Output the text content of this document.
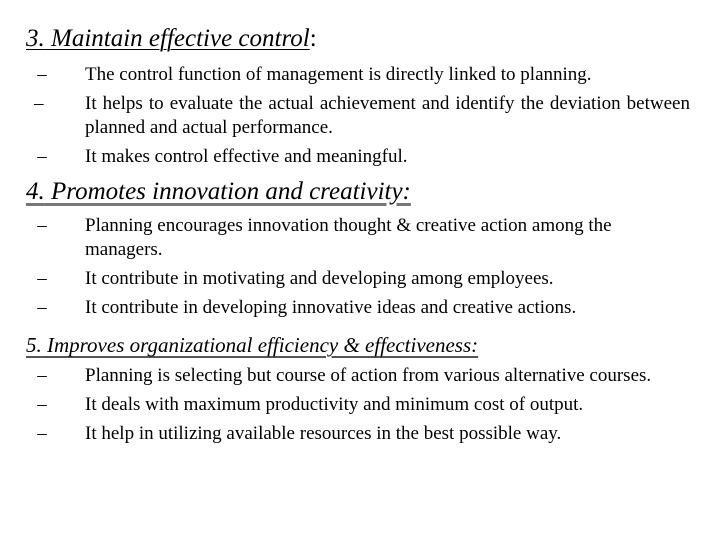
3. Maintain effective control:
– The control function of management is directly linked to planning.
–	It helps to evaluate the actual achievement and identify the deviation between planned and actual performance.
– It makes control effective and meaningful.
4. Promotes innovation and creativity:
– Planning encourages innovation thought & creative action among the managers.
– It contribute in motivating and developing among employees.
– It contribute in developing innovative ideas and creative actions.
5. Improves organizational efficiency & effectiveness:
– Planning is selecting but course of action from various alternative courses.
– It deals with maximum productivity and minimum cost of output.
– It help in utilizing available resources in the best possible way.
